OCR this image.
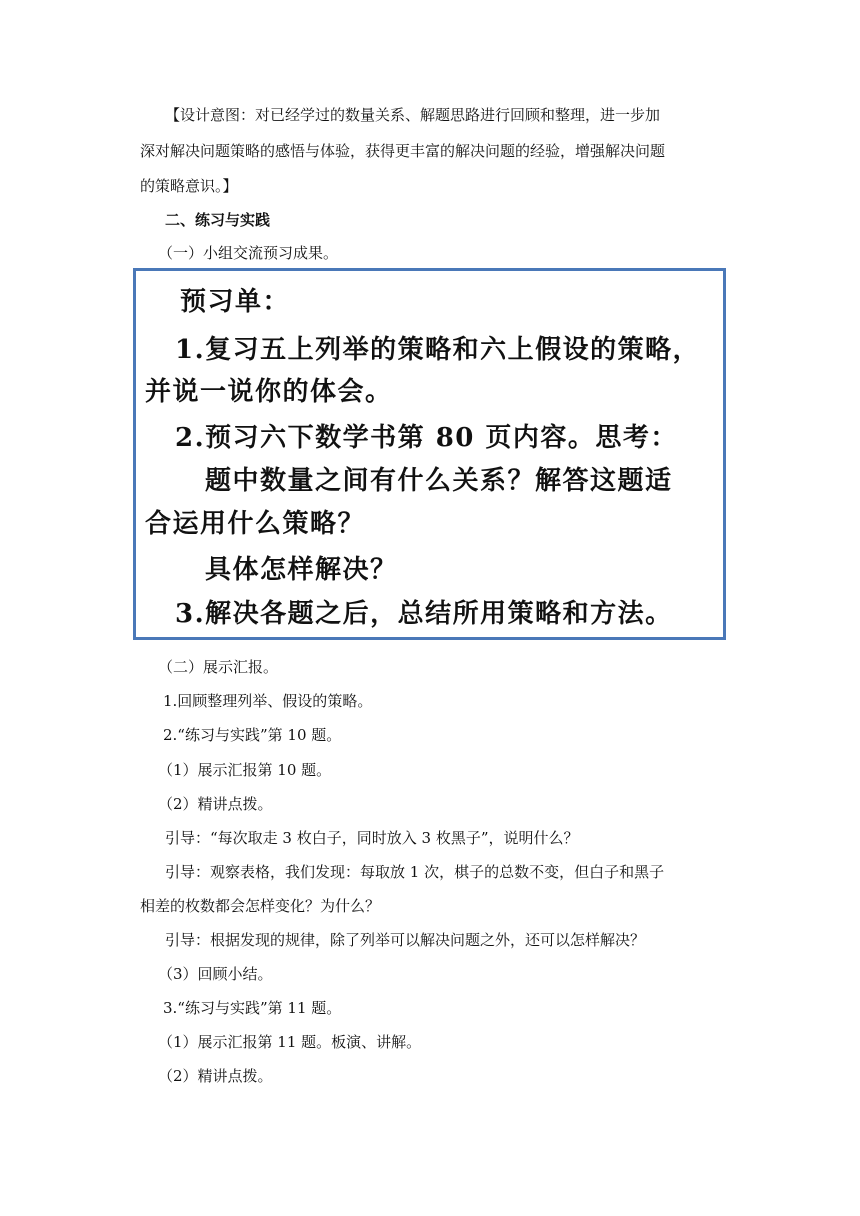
【设计意图：对已经学过的数量关系、解题思路进行回顾和整理，进一步加
深对解决问题策略的感悟与体验，获得更丰富的解决问题的经验，增强解决问题
的策略意识。】
二、练习与实践
（一）小组交流预习成果。
预习单：
1.复习五上列举的策略和六上假设的策略，
并说一说你的体会。
2.预习六下数学书第 80 页内容。思考：
题中数量之间有什么关系？解答这题适
合运用什么策略？
具体怎样解决？
3.解决各题之后，总结所用策略和方法。
（二）展示汇报。
1.回顾整理列举、假设的策略。
2.“练习与实践”第 10 题。
（1）展示汇报第 10 题。
（2）精讲点拨。
引导：“每次取走 3 枚白子，同时放入 3 枚黑子”，说明什么？
引导：观察表格，我们发现：每取放 1 次，棋子的总数不变，但白子和黑子
相差的枚数都会怎样变化？为什么？
引导：根据发现的规律，除了列举可以解决问题之外，还可以怎样解决？
（3）回顾小结。
3.“练习与实践”第 11 题。
（1）展示汇报第 11 题。板演、讲解。
（2）精讲点拨。
